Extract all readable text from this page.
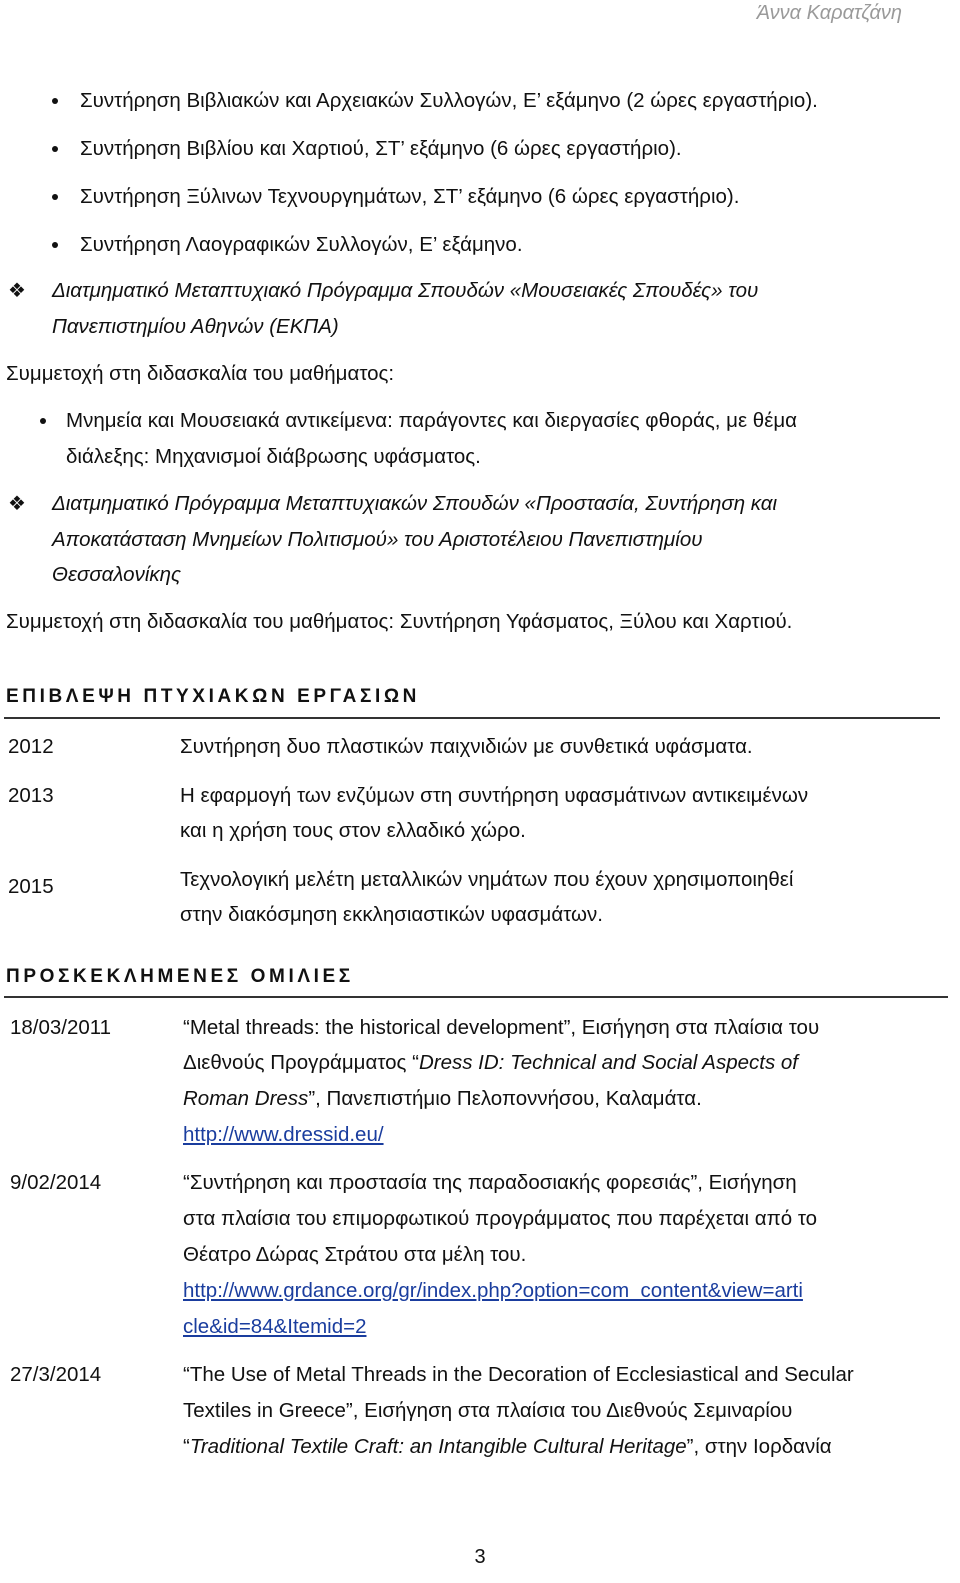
Άννα Καρατζάνη
Συντήρηση Βιβλιακών και Αρχειακών Συλλογών, Ε’ εξάμηνο (2 ώρες εργαστήριο).
Συντήρηση Βιβλίου και Χαρτιού, ΣΤ’ εξάμηνο (6 ώρες εργαστήριο).
Συντήρηση Ξύλινων Τεχνουργημάτων, ΣΤ’ εξάμηνο (6 ώρες εργαστήριο).
Συντήρηση Λαογραφικών Συλλογών, Ε’ εξάμηνο.
❖ Διατμηματικό Μεταπτυχιακό Πρόγραμμα Σπουδών «Μουσειακές Σπουδές» του
Πανεπιστημίου Αθηνών (ΕΚΠΑ)
Συμμετοχή στη διδασκαλία του μαθήματος:
Μνημεία και Μουσειακά αντικείμενα: παράγοντες και διεργασίες φθοράς, με θέμα
διάλεξης: Μηχανισμοί διάβρωσης υφάσματος.
❖ Διατμηματικό Πρόγραμμα Μεταπτυχιακών Σπουδών «Προστασία, Συντήρηση και
Αποκατάσταση Μνημείων Πολιτισμού» του Αριστοτέλειου Πανεπιστημίου
Θεσσαλονίκης
Συμμετοχή στη διδασκαλία του μαθήματος: Συντήρηση Υφάσματος, Ξύλου και Χαρτιού.
ΕΠΙΒΛΕΨΗ ΠΤΥΧΙΑΚΩΝ ΕΡΓΑΣΙΩΝ
2012	Συντήρηση δυο πλαστικών παιχνιδιών με συνθετικά υφάσματα.
2013	Η εφαρμογή των ενζύμων στη συντήρηση υφασμάτινων αντικειμένων
και η χρήση τους στον ελλαδικό χώρο.
2015	Τεχνολογική μελέτη μεταλλικών νημάτων που έχουν χρησιμοποιηθεί
στην διακόσμηση εκκλησιαστικών υφασμάτων.
ΠΡΟΣΚΕΚΛΗΜΕΝΕΣ ΟΜΙΛΙΕΣ
18/03/2011	“Metal threads: the historical development”, Εισήγηση στα πλαίσια του
Διεθνούς Προγράμματος “Dress ID: Technical and Social Aspects of
Roman Dress”, Πανεπιστήμιο Πελοποννήσου, Καλαμάτα.
http://www.dressid.eu/
9/02/2014	“Συντήρηση και προστασία της παραδοσιακής φορεσιάς”, Εισήγηση
στα πλαίσια του επιμορφωτικού προγράμματος που παρέχεται από το
Θέατρο Δώρας Στράτου στα μέλη του.
http://www.grdance.org/gr/index.php?option=com_content&view=arti
cle&id=84&Itemid=2
27/3/2014	“The Use of Metal Threads in the Decoration of Ecclesiastical and Secular
Textiles in Greece”, Εισήγηση στα πλαίσια του Διεθνούς Σεμιναρίου
“Traditional Textile Craft: an Intangible Cultural Heritage”, στην Ιορδανία
3
